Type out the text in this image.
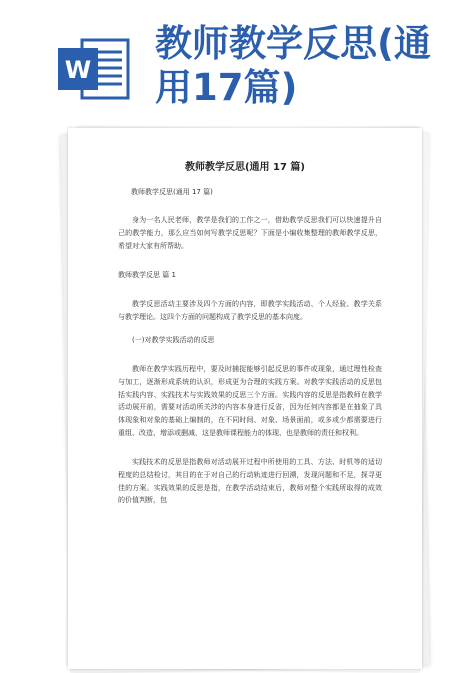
W
教师教学反思(通用17篇)

教师教学反思(通用 17 篇)
教师教学反思(通用 17 篇)
身为一名人民老师，教学是我们的工作之一，借助教学反思我们可以快速提升自己的教学能力，那么应当如何写教学反思呢？下面是小编收集整理的教师教学反思，希望对大家有所帮助。
教师教学反思 篇 1
教学反思活动主要涉及四个方面的内容，即教学实践活动、个人经验、教学关系与教学理论。这四个方面的问题构成了教学反思的基本向度。
(一)对教学实践活动的反思
教师在教学实践历程中，要及时捕捉能够引起反思的事件或现象，通过理性检查与加工，逐渐形成系统的认识，形成更为合理的实践方案。对教学实践活动的反思包括实践内容、实践技术与实践效果的反思三个方面。实践内容的反思是指教师在教学活动展开前，需要对活动所关涉的内容本身进行反省，因为任何内容都是在抽象了具体现象和对象的基础上编制的，在不同时间、对象、场景面前，或多或少都需要进行重组、改造、增添或删减，这是教师课程能力的体现、也是教师的责任和权利。
实践技术的反思是指教师对活动展开过程中所使用的工具、方法、时机等的适切程度的总结检讨，其目的在于对自己的行动轨迹进行回溯，发现问题和不足，探寻更佳的方案。实践效果的反思是指，在教学活动结束后，教师对整个实践所取得的成效的价值判断，包
